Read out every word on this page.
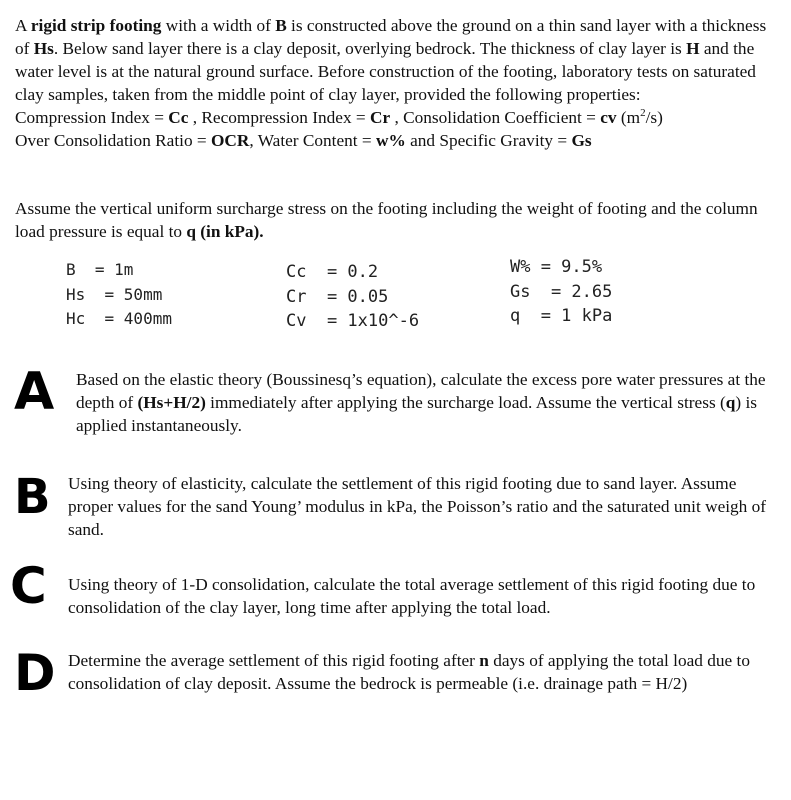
A rigid strip footing with a width of B is constructed above the ground on a thin sand layer with a thickness of Hs. Below sand layer there is a clay deposit, overlying bedrock. The thickness of clay layer is H and the water level is at the natural ground surface. Before construction of the footing, laboratory tests on saturated clay samples, taken from the middle point of clay layer, provided the following properties:

Compression Index = Cc , Recompression Index = Cr , Consolidation Coefficient = cv $(m^2/s)$

Over Consolidation Ratio = OCR, Water Content = w% and Specific Gravity = Gs

Assume the vertical uniform surcharge stress on the footing including the weight of footing and the column load pressure is equal to q (in kPa).

B  = 1m
Hs  = 50mm
Hc  = 400mm
Cc  = 0.2
Cr  = 0.05
Cv  = 1x10^-6
W% = 9.5%
Gs  = 2.65
q  = 1 kPa
A Based on the elastic theory (Boussinesq’s equation), calculate the excess pore water pressures at the depth of (Hs+H/2) immediately after applying the surcharge load. Assume the vertical stress (q) is applied instantaneously.

B Using theory of elasticity, calculate the settlement of this rigid footing due to sand layer. Assume proper values for the sand Young’ modulus in kPa, the Poisson’s ratio and the saturated unit weigh of sand.

C Using theory of 1-D consolidation, calculate the total average settlement of this rigid footing due to consolidation of the clay layer, long time after applying the total load.

D Determine the average settlement of this rigid footing after n days of applying the total load due to consolidation of clay deposit. Assume the bedrock is permeable (i.e. drainage path = H/2)
